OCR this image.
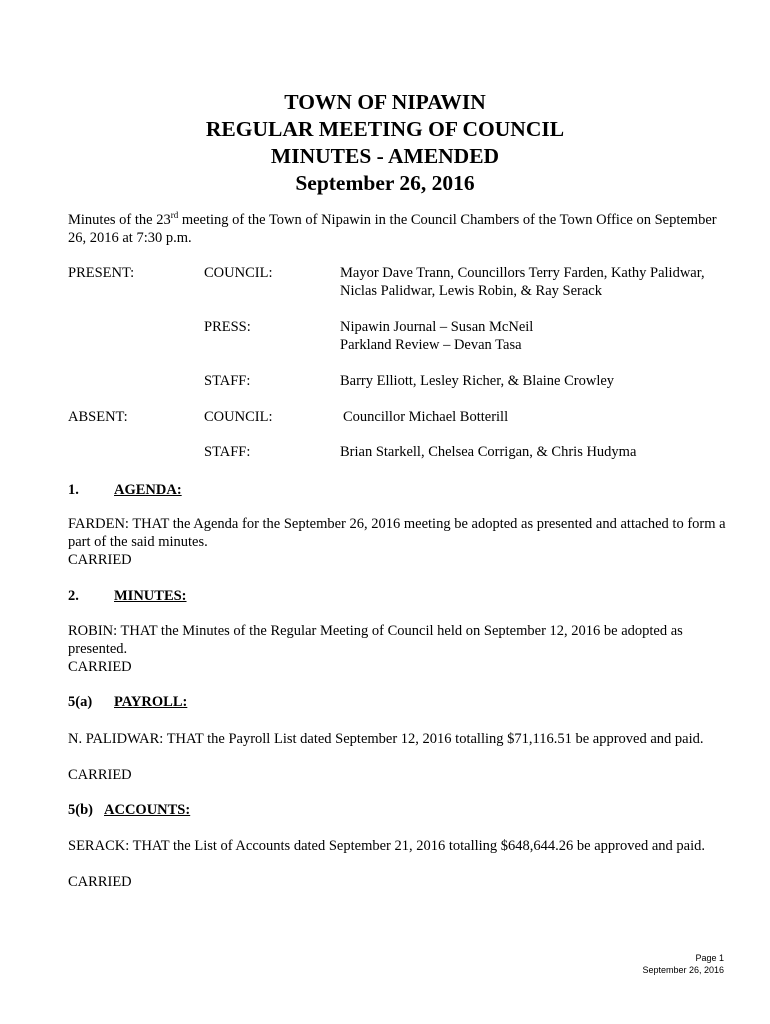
TOWN OF NIPAWIN
REGULAR MEETING OF COUNCIL
MINUTES - AMENDED
September 26, 2016
Minutes of the 23rd meeting of the Town of Nipawin in the Council Chambers of the Town Office on September 26, 2016 at 7:30 p.m.
PRESENT:	COUNCIL:	Mayor Dave Trann, Councillors Terry Farden, Kathy Palidwar,
Niclas Palidwar, Lewis Robin, & Ray Serack
PRESS:	Nipawin Journal – Susan McNeil
Parkland Review – Devan Tasa
STAFF:	Barry Elliott, Lesley Richer, & Blaine Crowley
ABSENT:	COUNCIL:	Councillor Michael Botterill
STAFF:	Brian Starkell, Chelsea Corrigan, & Chris Hudyma
1. AGENDA:
FARDEN: THAT the Agenda for the September 26, 2016 meeting be adopted as presented and attached to form a part of the said minutes.
CARRIED
2. MINUTES:
ROBIN: THAT the Minutes of the Regular Meeting of Council held on September 12, 2016 be adopted as presented.
CARRIED
5(a) PAYROLL:
N. PALIDWAR: THAT the Payroll List dated September 12, 2016 totalling $71,116.51 be approved and paid.
CARRIED
5(b) ACCOUNTS:
SERACK: THAT the List of Accounts dated September 21, 2016 totalling $648,644.26 be approved and paid.
CARRIED
Page 1
September 26, 2016
